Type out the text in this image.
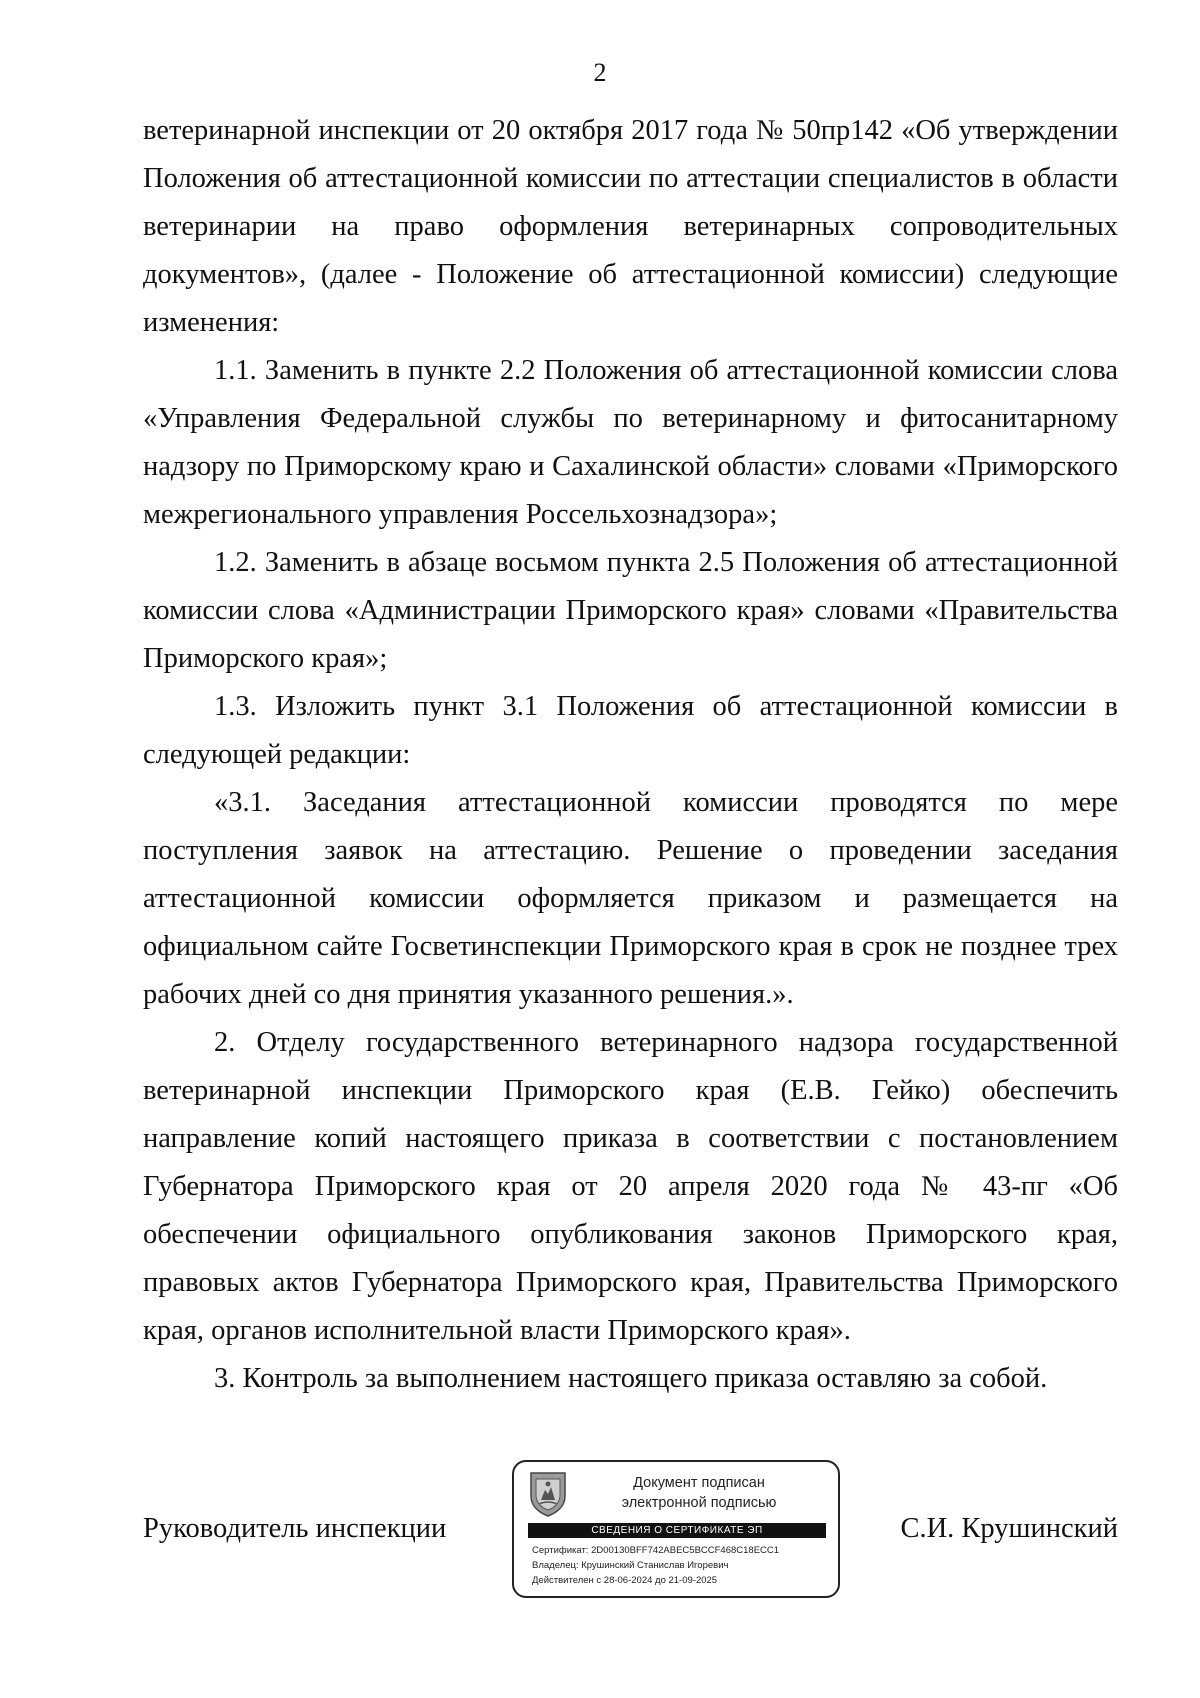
2

ветеринарной инспекции от 20 октября 2017 года № 50пр142 «Об утверждении Положения об аттестационной комиссии по аттестации специалистов в области ветеринарии на право оформления ветеринарных сопроводительных документов», (далее - Положение об аттестационной комиссии) следующие изменения:

1.1. Заменить в пункте 2.2 Положения об аттестационной комиссии слова «Управления Федеральной службы по ветеринарному и фитосанитарному надзору по Приморскому краю и Сахалинской области» словами «Приморского межрегионального управления Россельхознадзора»;

1.2. Заменить в абзаце восьмом пункта 2.5 Положения об аттестационной комиссии слова «Администрации Приморского края» словами «Правительства Приморского края»;

1.3. Изложить пункт 3.1 Положения об аттестационной комиссии в следующей редакции:

«3.1. Заседания аттестационной комиссии проводятся по мере поступления заявок на аттестацию. Решение о проведении заседания аттестационной комиссии оформляется приказом и размещается на официальном сайте Госветинспекции Приморского края в срок не позднее трех рабочих дней со дня принятия указанного решения.».

2. Отделу государственного ветеринарного надзора государственной ветеринарной инспекции Приморского края (Е.В. Гейко) обеспечить направление копий настоящего приказа в соответствии с постановлением Губернатора Приморского края от 20 апреля 2020 года № 43-пг «Об обеспечении официального опубликования законов Приморского края, правовых актов Губернатора Приморского края, Правительства Приморского края, органов исполнительной власти Приморского края».

3. Контроль за выполнением настоящего приказа оставляю за собой.

Руководитель инспекции	С.И. Крушинский
Документ подписан
электронной подписью
СВЕДЕНИЯ О СЕРТИФИКАТЕ ЭП
Сертификат: 2D00130BFF742ABEC5BCCF468C18ECC1
Владелец: Крушинский Станислав Игоревич
Действителен с 28-06-2024 до 21-09-2025
